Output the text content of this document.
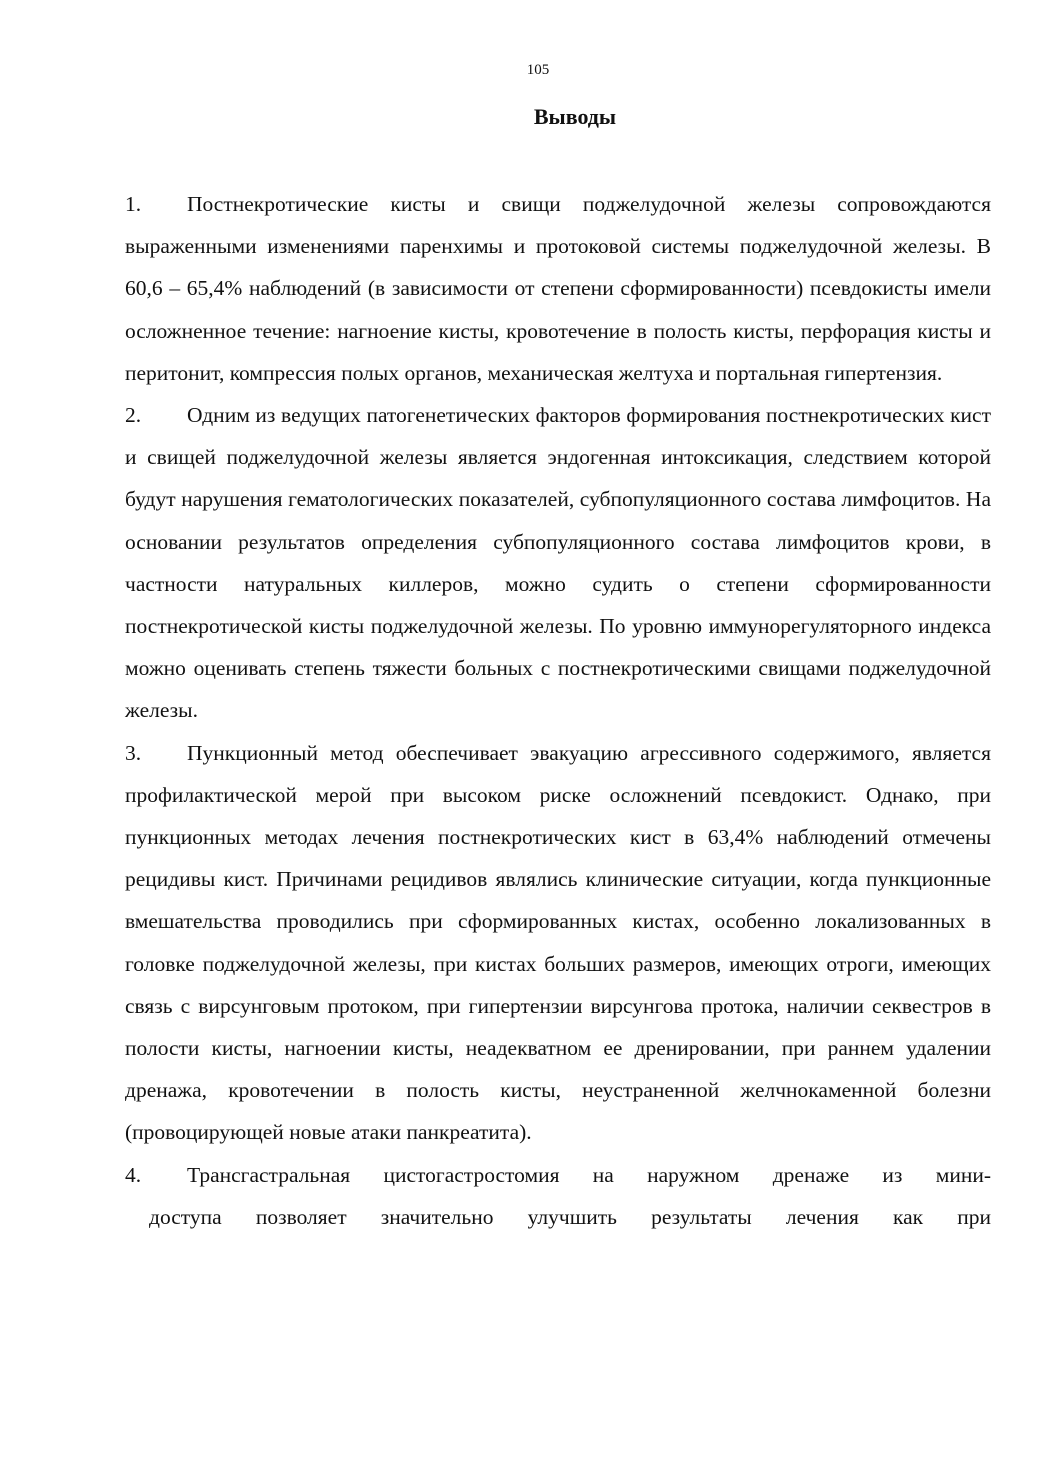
105
Выводы

1. Постнекротические кисты и свищи поджелудочной железы сопровождаются выраженными изменениями паренхимы и протоковой системы поджелудочной железы. В 60,6 – 65,4% наблюдений (в зависимости от степени сформированности) псевдокисты имели осложненное течение: нагноение кисты, кровотечение в полость кисты, перфорация кисты и перитонит, компрессия полых органов, механическая желтуха и портальная гипертензия.

2. Одним из ведущих патогенетических факторов формирования постнекротических кист и свищей поджелудочной железы является эндогенная интоксикация, следствием которой будут нарушения гематологических показателей, субпопуляционного состава лимфоцитов. На основании результатов определения субпопуляционного состава лимфоцитов крови, в частности натуральных киллеров, можно судить о степени сформированности постнекротической кисты поджелудочной железы. По уровню иммунорегуляторного индекса можно оценивать степень тяжести больных с постнекротическими свищами поджелудочной железы.

3. Пункционный метод обеспечивает эвакуацию агрессивного содержимого, является профилактической мерой при высоком риске осложнений псевдокист. Однако, при пункционных методах лечения постнекротических кист в 63,4% наблюдений отмечены рецидивы кист. Причинами рецидивов являлись клинические ситуации, когда пункционные вмешательства проводились при сформированных кистах, особенно локализованных в головке поджелудочной железы, при кистах больших размеров, имеющих отроги, имеющих связь с вирсунговым протоком, при гипертензии вирсунгова протока, наличии секвестров в полости кисты, нагноении кисты, неадекватном ее дренировании, при раннем удалении дренажа, кровотечении в полость кисты, неустраненной желчнокаменной болезни (провоцирующей новые атаки панкреатита).

4. Трансгастральная цистогастростомия на наружном дренаже из мини-

доступа позволяет значительно улучшить результаты лечения как при
